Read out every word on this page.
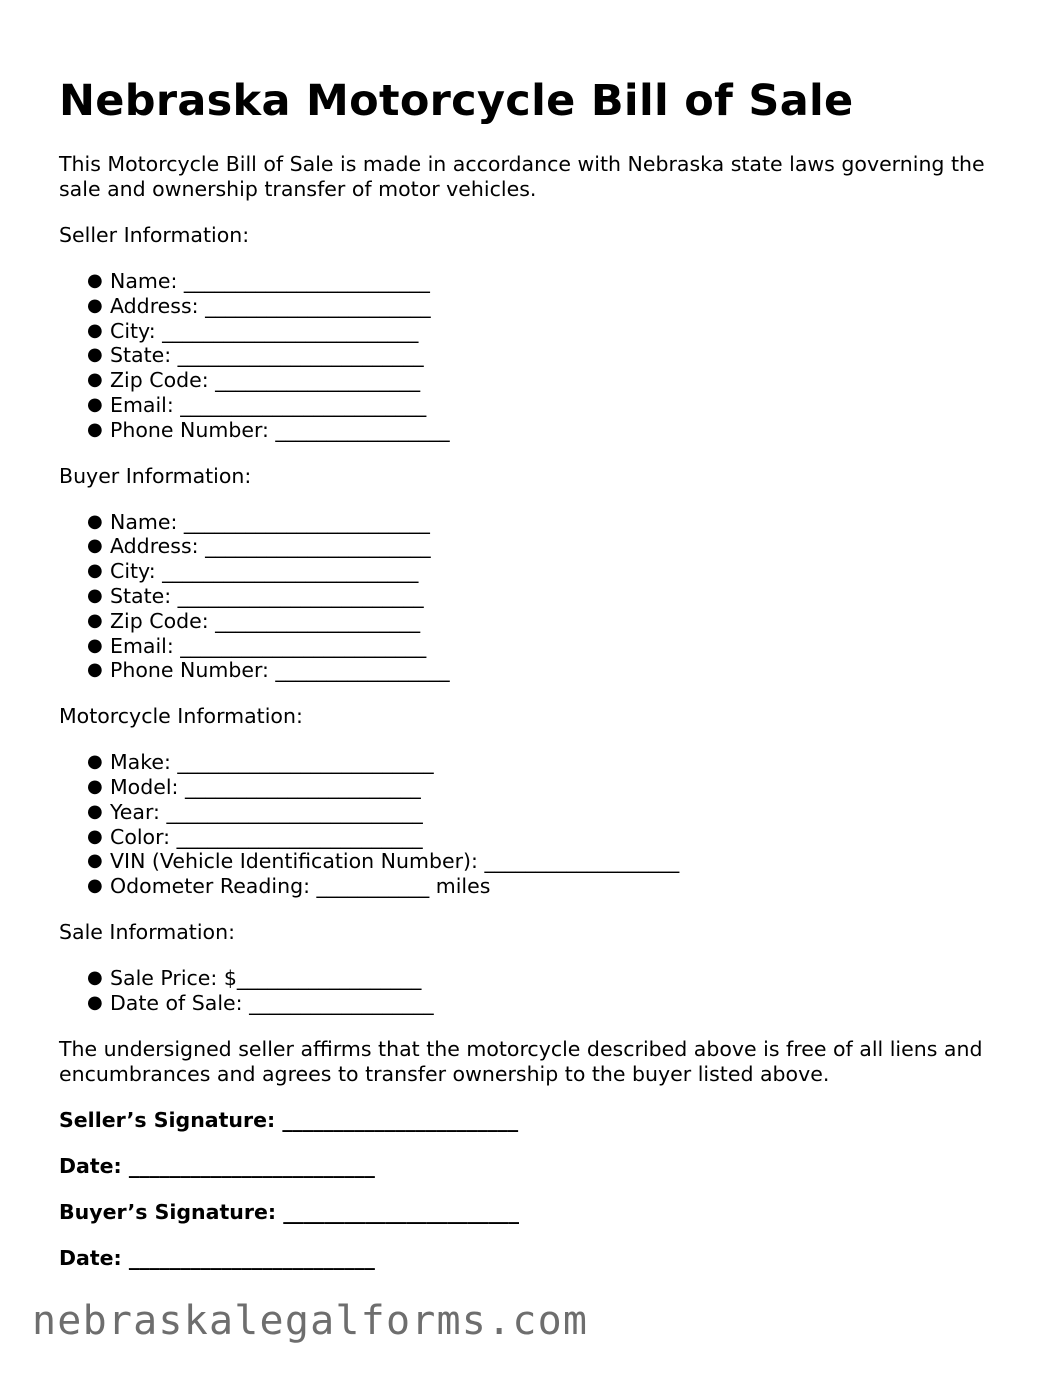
Nebraska Motorcycle Bill of Sale

This Motorcycle Bill of Sale is made in accordance with Nebraska state laws governing the sale and ownership transfer of motor vehicles.

Seller Information:

● Name: ________________________
● Address: ______________________
● City: _________________________
● State: ________________________
● Zip Code: ____________________
● Email: ________________________
● Phone Number: _________________

Buyer Information:

● Name: ________________________
● Address: ______________________
● City: _________________________
● State: ________________________
● Zip Code: ____________________
● Email: ________________________
● Phone Number: _________________

Motorcycle Information:

● Make: _________________________
● Model: _______________________
● Year: _________________________
● Color: ________________________
● VIN (Vehicle Identification Number): ___________________
● Odometer Reading: ___________ miles

Sale Information:

● Sale Price: $__________________
● Date of Sale: __________________

The undersigned seller affirms that the motorcycle described above is free of all liens and encumbrances and agrees to transfer ownership to the buyer listed above.

Seller’s Signature: _______________________
Date: ________________________
Buyer’s Signature: _______________________
Date: ________________________
nebraskalegalforms.com
